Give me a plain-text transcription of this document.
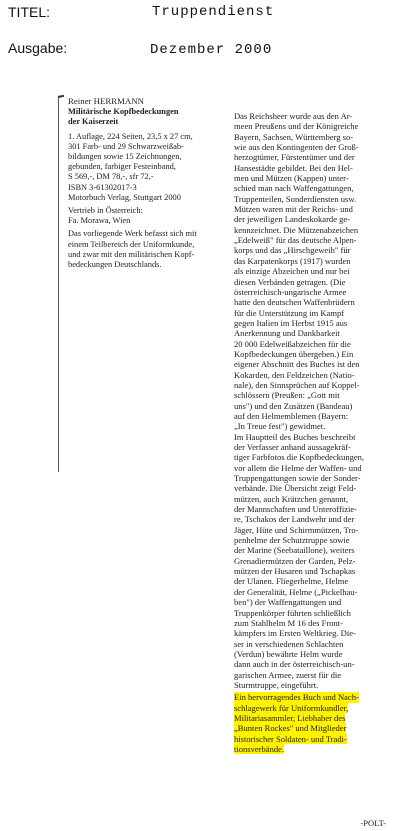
TITEL:	Truppendienst
Ausgabe:	Dezember 2000
Reiner HERRMANN
Militärische Kopfbedeckungen
der Kaiserzeit
1. Auflage, 224 Seiten, 23,5 x 27 cm,
301 Farb- und 29 Schwarzweißab-
bildungen sowie 15 Zeichnungen,
gebunden, farbiger Festeinband,
S 569,-, DM 78,-, sfr 72,-
ISBN 3-61302017-3
Motorbuch Verlag, Stuttgart 2000
Vertrieb in Österreich:
Fa. Morawa, Wien
Das vorliegende Werk befasst sich mit
einem Teilbereich der Uniformkunde,
und zwar mit den militärischen Kopf-
bedeckungen Deutschlands.
Das Reichsheer wurde aus den Ar-
meen Preußens und der Königreiche
Bayern, Sachsen, Württemberg so-
wie aus den Kontingenten der Groß-
herzogtümer, Fürstentümer und der
Hansestädte gebildet. Bei den Hel-
men und Mützen (Kappen) unter-
schied man nach Waffengattungen,
Truppenteilen, Sonderdiensten usw.
Mützen waren mit der Reichs- und
der jeweiligen Landeskokarde ge-
kennzeichnet. Die Mützenabzeichen
„Edelweiß" für das deutsche Alpen-
korps und das „Hirschgeweih" für
das Karpatenkorps (1917) wurden
als einzige Abzeichen und nur bei
diesen Verbänden getragen. (Die
österreichisch-ungarische Armee
hatte den deutschen Waffenbrüdern
für die Unterstützung im Kampf
gegen Italien im Herbst 1915 aus
Anerkennung und Dankbarkeit
20 000 Edelweißabzeichen für die
Kopfbedeckungen übergeben.) Ein
eigener Abschnitt des Buches ist den
Kokarden, den Feldzeichen (Natio-
nale), den Sinnsprüchen auf Koppel-
schlössern (Preußen: „Gott mit
uns") und den Zusätzen (Bandeau)
auf den Helmemblemen (Bayern:
„In Treue fest") gewidmet.
Im Hauptteil des Buches beschreibt
der Verfasser anhand aussagekräf-
tiger Farbfotos die Kopfbedeckungen,
vor allem die Helme der Waffen- und
Truppengattungen sowie der Sonder-
verbände. Die Übersicht zeigt Feld-
mützen, auch Krätzchen genannt,
der Mannschaften und Unteroffizie-
re, Tschakos der Landwehr und der
Jäger, Hüte und Schirmmützen, Tro-
penhelme der Schutztruppe sowie
der Marine (Seebataillone), weiters
Grenadiermützen der Garden, Pelz-
mützen der Husaren und Tschapkas
der Ulanen. Fliegerhelme, Helme
der Generalität, Helme („Pickelhau-
ben") der Waffengattungen und
Truppenkörper führten schließlich
zum Stahlhelm M 16 des Front-
kämpfers im Ersten Weltkrieg. Die-
ser in verschiedenen Schlachten
(Verdun) bewährte Helm wurde
dann auch in der österreichisch-un-
garischen Armee, zuerst für die
Sturmtruppe, eingeführt.
Ein hervorragendes Buch und Nach-
schlagewerk für Uniformkundler,
Militariasammler, Liebhaber des
„Bunten Rockes" und Mitglieder
historischer Soldaten- und Tradi-
tionsverbände.
-POLT-
